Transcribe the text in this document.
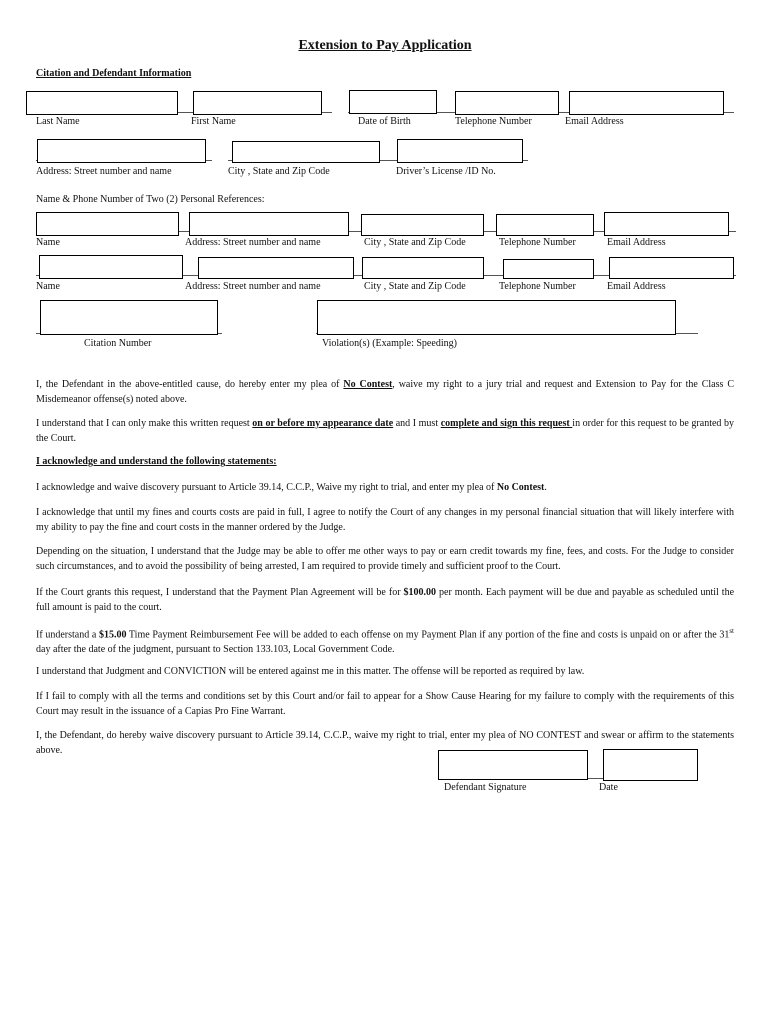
Extension to Pay Application
Citation and Defendant Information
Last Name	First Name	Date of Birth	Telephone Number	Email Address
Address: Street number and name	City , State and Zip Code	Driver’s License /ID No.
Name & Phone Number of Two (2) Personal References:
Name	Address: Street number and name	City , State and Zip Code	Telephone Number	Email Address
Name	Address: Street number and name	City , State and Zip Code	Telephone Number	Email Address
Citation Number	Violation(s) (Example: Speeding)
I, the Defendant in the above-entitled cause, do hereby enter my plea of No Contest, waive my right to a jury trial and request and Extension to Pay for the Class C Misdemeanor offense(s) noted above.
I understand that I can only make this written request on or before my appearance date and I must complete and sign this request in order for this request to be granted by the Court.
I acknowledge and understand the following statements:
I acknowledge and waive discovery pursuant to Article 39.14, C.C.P., Waive my right to trial, and enter my plea of No Contest.
I acknowledge that until my fines and courts costs are paid in full, I agree to notify the Court of any changes in my personal financial situation that will likely interfere with my ability to pay the fine and court costs in the manner ordered by the Judge.
Depending on the situation, I understand that the Judge may be able to offer me other ways to pay or earn credit towards my fine, fees, and costs. For the Judge to consider such circumstances, and to avoid the possibility of being arrested, I am required to provide timely and sufficient proof to the Court.
If the Court grants this request, I understand that the Payment Plan Agreement will be for $100.00 per month. Each payment will be due and payable as scheduled until the full amount is paid to the court.
If understand a $15.00 Time Payment Reimbursement Fee will be added to each offense on my Payment Plan if any portion of the fine and costs is unpaid on or after the 31st day after the date of the judgment, pursuant to Section 133.103, Local Government Code.
I understand that Judgment and CONVICTION will be entered against me in this matter. The offense will be reported as required by law.
If I fail to comply with all the terms and conditions set by this Court and/or fail to appear for a Show Cause Hearing for my failure to comply with the requirements of this Court may result in the issuance of a Capias Pro Fine Warrant.
I, the Defendant, do hereby waive discovery pursuant to Article 39.14, C.C.P., waive my right to trial, enter my plea of NO CONTEST and swear or affirm to the statements above.
Defendant Signature	Date
